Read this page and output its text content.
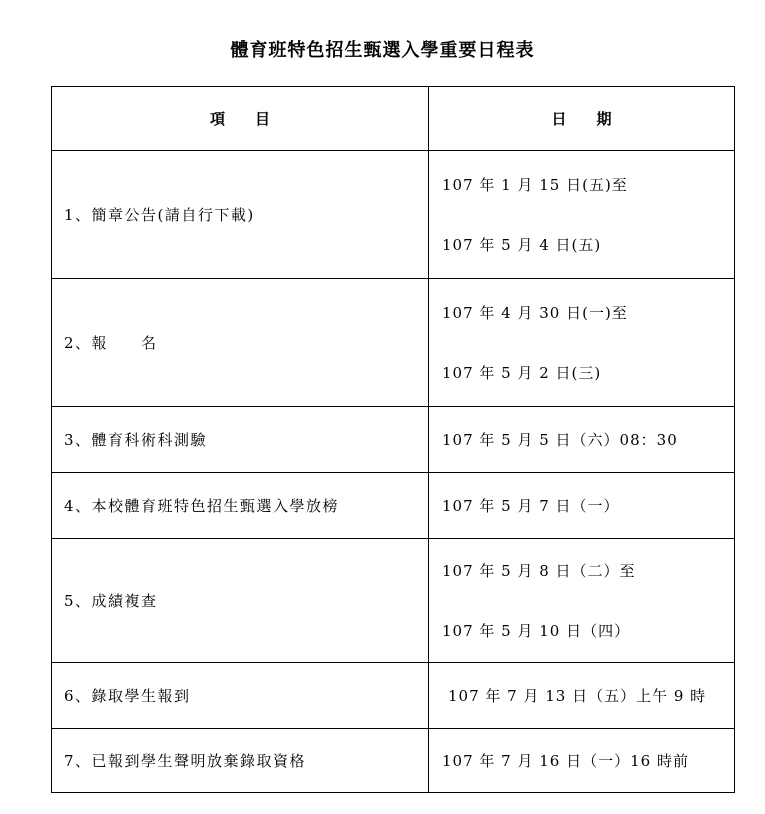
體育班特色招生甄選入學重要日程表
項　　目	日　　期
1、簡章公告(請自行下載)	107 年 1 月 15 日(五)至
107 年 5 月 4 日(五)

2、報　　名	107 年 4 月 30 日(一)至
107 年 5 月 2 日(三)

3、體育科術科測驗	107 年 5 月 5 日（六）08：30

4、本校體育班特色招生甄選入學放榜	107 年 5 月 7 日（一）

5、成績複查	107 年 5 月 8 日（二）至
107 年 5 月 10 日（四）

6、錄取學生報到	107 年 7 月 13 日（五）上午 9 時

7、已報到學生聲明放棄錄取資格	107 年 7 月 16 日（一）16 時前
